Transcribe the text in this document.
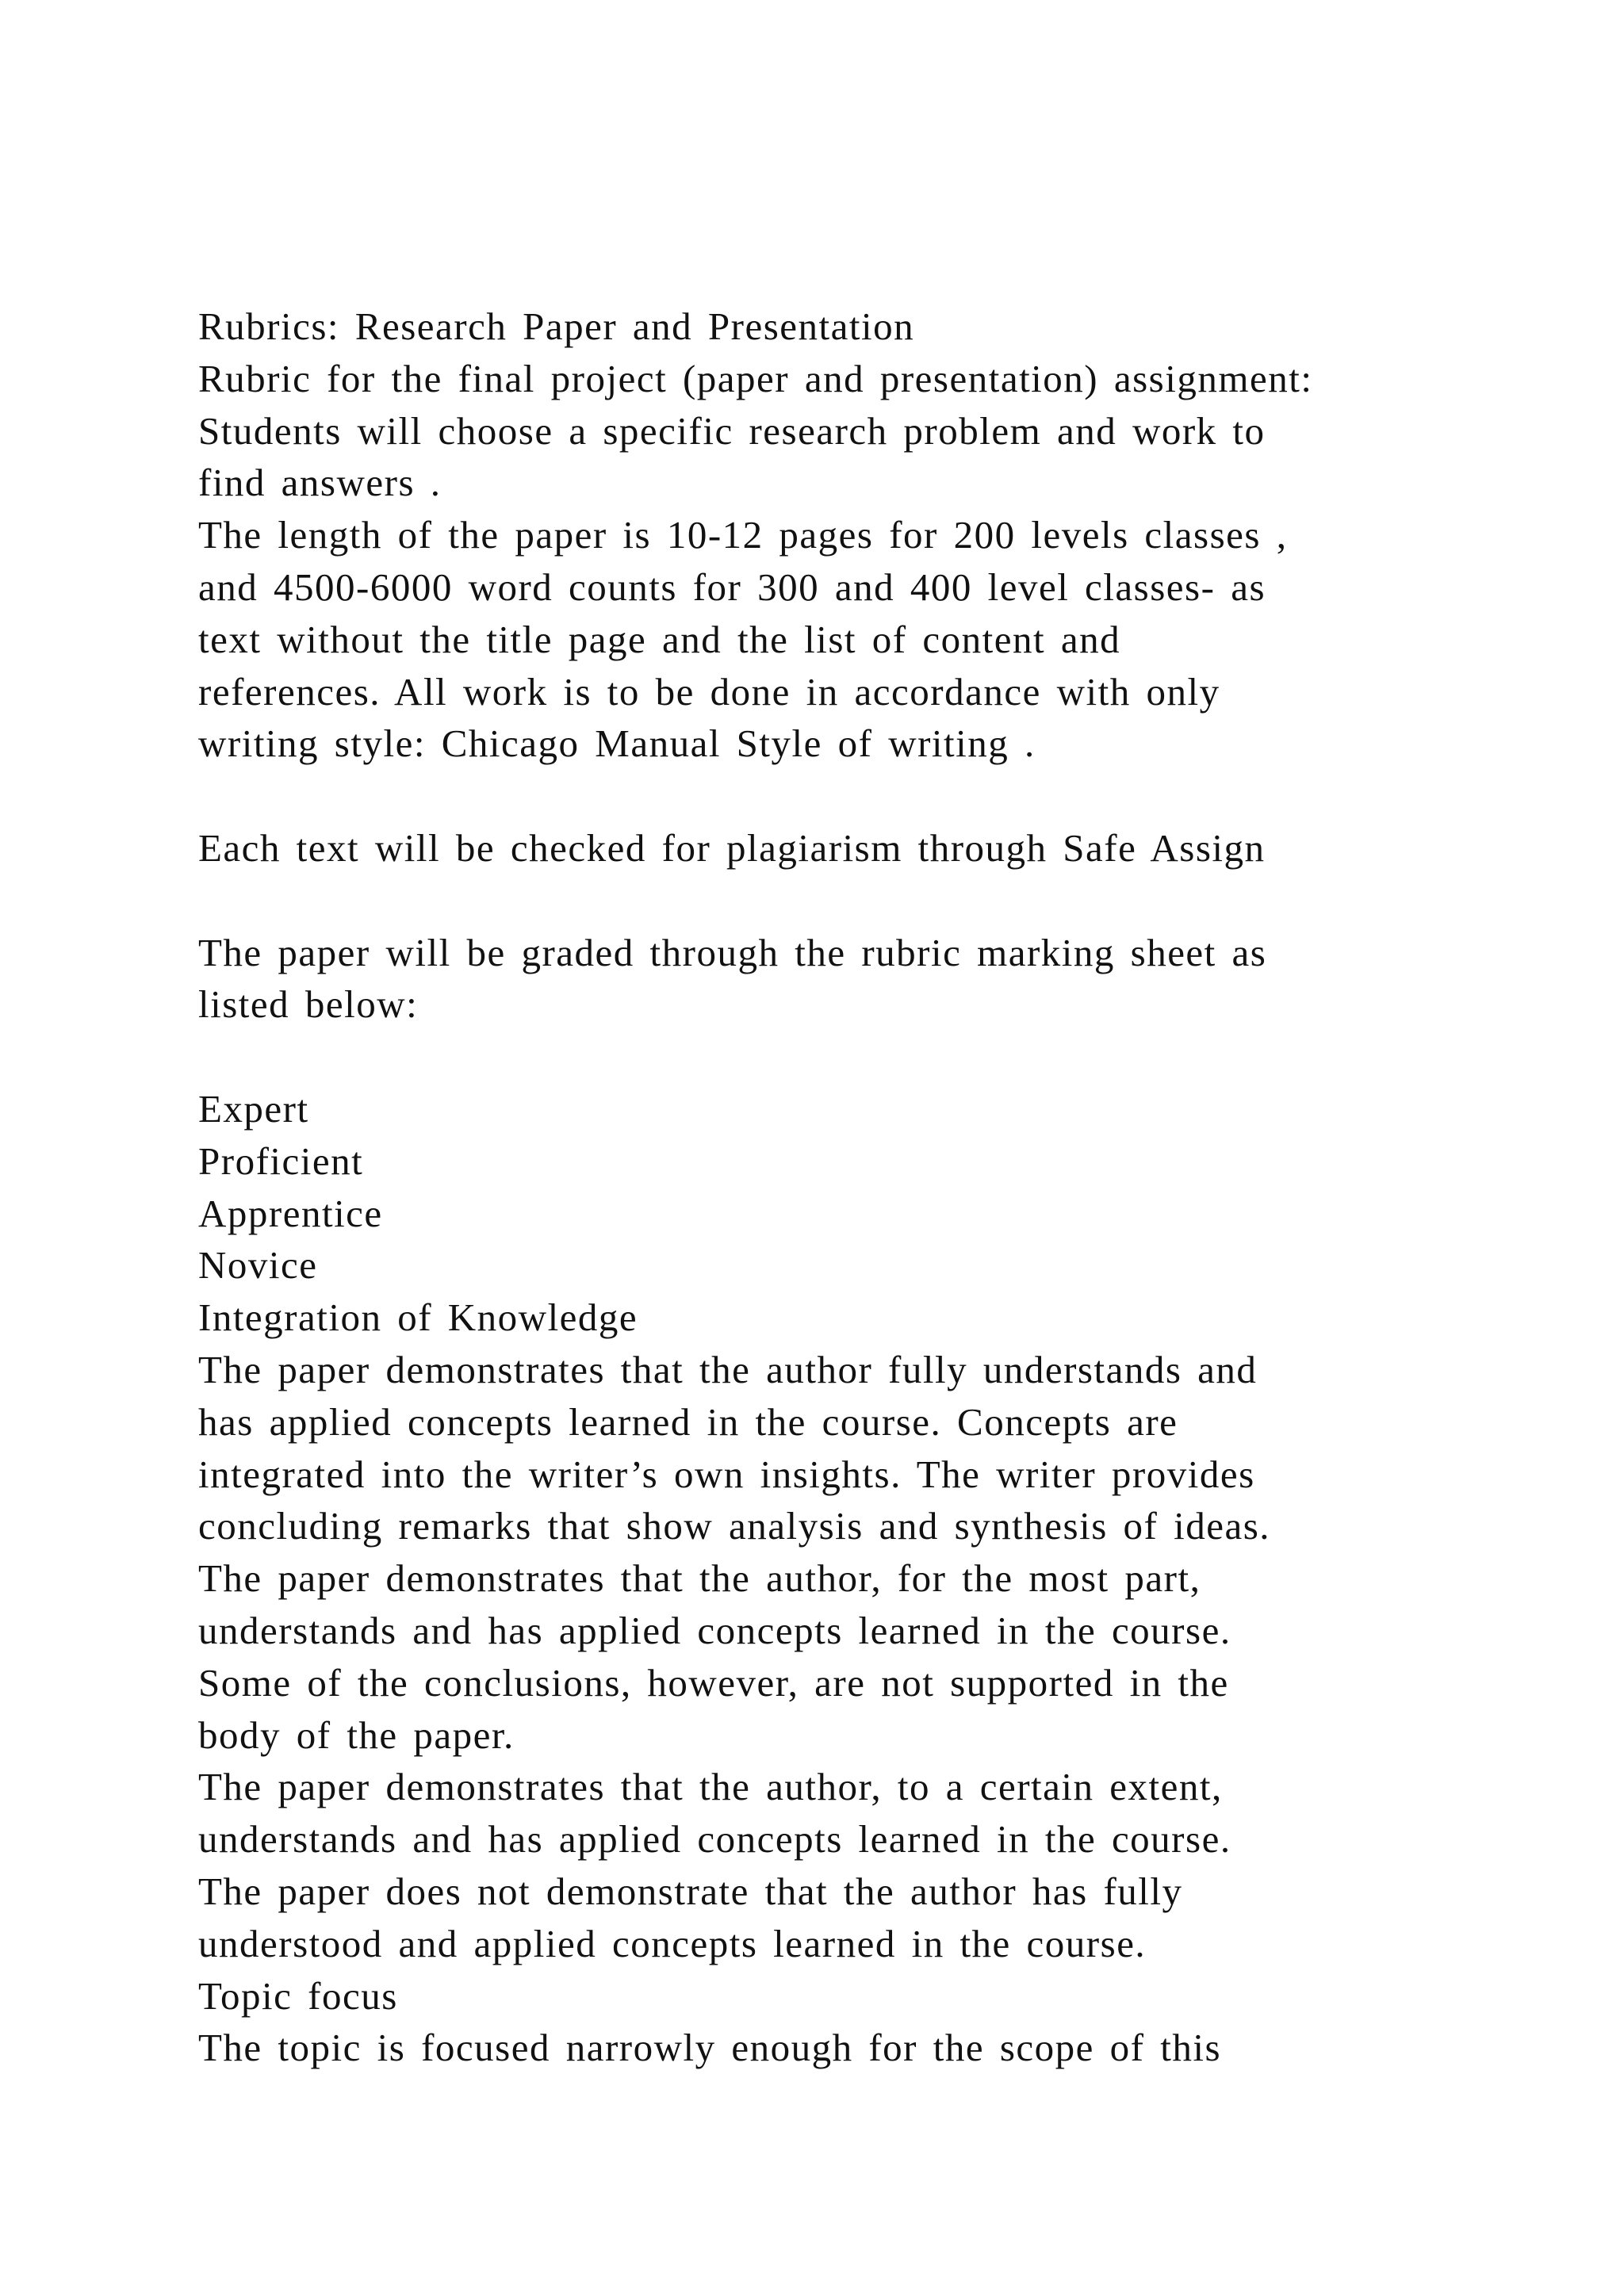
Rubrics: Research Paper and Presentation
Rubric for the final project (paper and presentation) assignment:
Students will choose a specific research problem and work to
find answers .
The length of the paper is 10-12 pages for 200 levels classes ,
and 4500-6000 word counts for 300 and 400 level classes- as
text without the title page and the list of content and
references. All work is to be done in accordance with only
writing style: Chicago Manual Style of writing .
Each text will be checked for plagiarism through Safe Assign
The paper will be graded through the rubric marking sheet as
listed below:
Expert
Proficient
Apprentice
Novice
Integration of Knowledge
The paper demonstrates that the author fully understands and
has applied concepts learned in the course. Concepts are
integrated into the writer’s own insights. The writer provides
concluding remarks that show analysis and synthesis of ideas.
The paper demonstrates that the author, for the most part,
understands and has applied concepts learned in the course.
Some of the conclusions, however, are not supported in the
body of the paper.
The paper demonstrates that the author, to a certain extent,
understands and has applied concepts learned in the course.
The paper does not demonstrate that the author has fully
understood and applied concepts learned in the course.
Topic focus
The topic is focused narrowly enough for the scope of this
